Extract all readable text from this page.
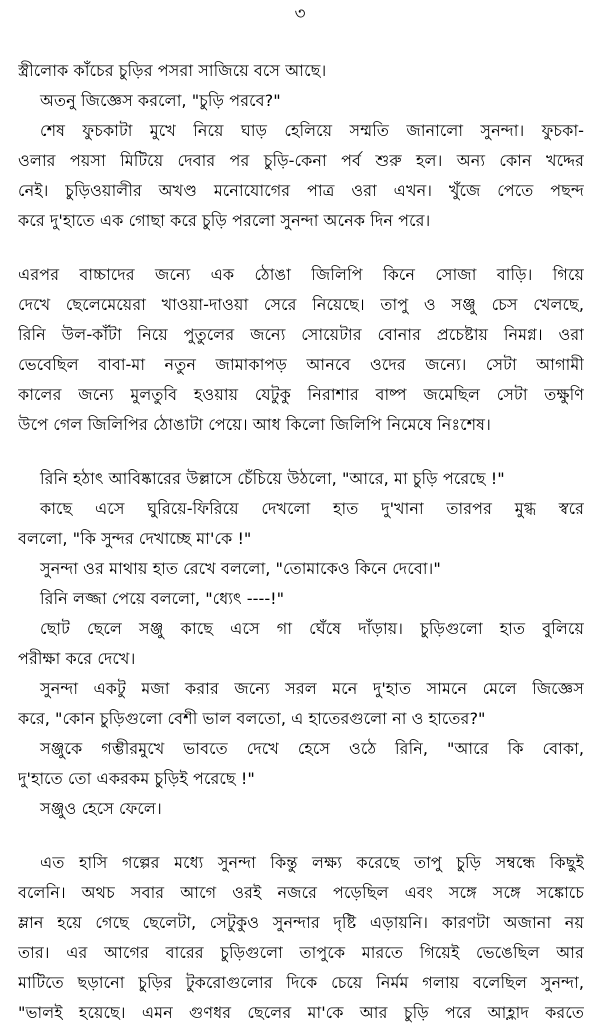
৩
স্ত্রীলোক কাঁচের চুড়ির পসরা সাজিয়ে বসে আছে।
অতনু জিজ্ঞেস করলো, "চুড়ি পরবে?"
শেষ ফুচকাটা মুখে নিয়ে ঘাড় হেলিয়ে সম্মতি জানালো সুনন্দা। ফুচকা-
ওলার পয়সা মিটিয়ে দেবার পর চুড়ি-কেনা পর্ব শুরু হল। অন্য কোন খদ্দের
নেই। চুড়িওয়ালীর অখণ্ড মনোযোগের পাত্র ওরা এখন। খুঁজে পেতে পছন্দ
করে দু'হাতে এক গোছা করে চুড়ি পরলো সুনন্দা অনেক দিন পরে।
এরপর বাচ্চাদের জন্যে এক ঠোঙা জিলিপি কিনে সোজা বাড়ি। গিয়ে
দেখে ছেলেমেয়েরা খাওয়া-দাওয়া সেরে নিয়েছে। তাপু ও সঞ্জু চেস খেলছে,
রিনি উল-কাঁটা নিয়ে পুতুলের জন্যে সোয়েটার বোনার প্রচেষ্টায় নিমগ্ন। ওরা
ভেবেছিল বাবা-মা নতুন জামাকাপড় আনবে ওদের জন্যে। সেটা আগামী
কালের জন্যে মুলতুবি হওয়ায় যেটুকু নিরাশার বাষ্প জমেছিল সেটা তক্ষুণি
উপে গেল জিলিপির ঠোঙাটা পেয়ে। আধ কিলো জিলিপি নিমেষে নিঃশেষ।
রিনি হঠাৎ আবিষ্কারের উল্লাসে চেঁচিয়ে উঠলো, "আরে, মা চুড়ি পরেছে !"
কাছে এসে ঘুরিয়ে-ফিরিয়ে দেখলো হাত দু'খানা তারপর মুগ্ধ স্বরে
বললো, "কি সুন্দর দেখাচ্ছে মা'কে !"
সুনন্দা ওর মাথায় হাত রেখে বললো, "তোমাকেও কিনে দেবো।"
রিনি লজ্জা পেয়ে বললো, "ধ্যেৎ ----!"
ছোট ছেলে সঞ্জু কাছে এসে গা ঘেঁষে দাঁড়ায়। চুড়িগুলো হাত বুলিয়ে
পরীক্ষা করে দেখে।
সুনন্দা একটু মজা করার জন্যে সরল মনে দু'হাত সামনে মেলে জিজ্ঞেস
করে, "কোন চুড়িগুলো বেশী ভাল বলতো, এ হাতেরগুলো না ও হাতের?"
সঞ্জুকে গম্ভীরমুখে ভাবতে দেখে হেসে ওঠে রিনি, "আরে কি বোকা,
দু'হাতে তো একরকম চুড়িই পরেছে !"
সঞ্জুও হেসে ফেলে।
এত হাসি গল্পের মধ্যে সুনন্দা কিন্তু লক্ষ্য করেছে তাপু চুড়ি সম্বন্ধে কিছুই
বলেনি। অথচ সবার আগে ওরই নজরে পড়েছিল এবং সঙ্গে সঙ্গে সঙ্কোচে
ম্লান হয়ে গেছে ছেলেটা, সেটুকুও সুনন্দার দৃষ্টি এড়ায়নি। কারণটা অজানা নয়
তার। এর আগের বারের চুড়িগুলো তাপুকে মারতে গিয়েই ভেঙেছিল আর
মাটিতে ছড়ানো চুড়ির টুকরোগুলোর দিকে চেয়ে নির্মম গলায় বলেছিল সুনন্দা,
"ভালই হয়েছে। এমন গুণধর ছেলের মা'কে আর চুড়ি পরে আহ্লাদ করতে
